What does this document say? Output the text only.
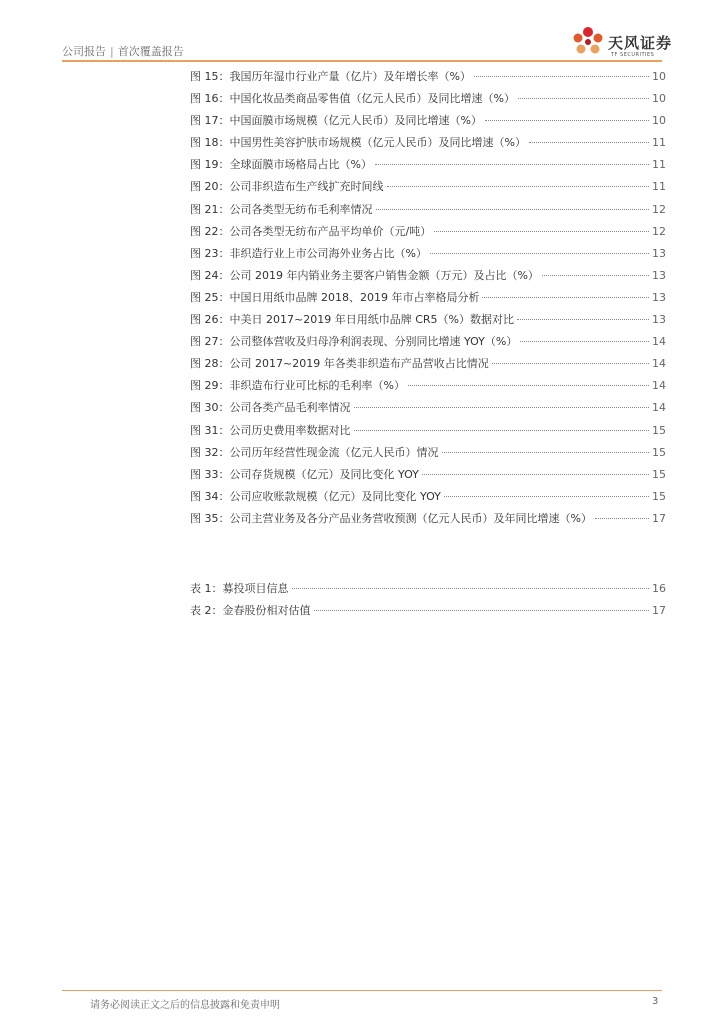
公司报告 | 首次覆盖报告	天风证券
TF SECURITIES
图 15：我国历年湿巾行业产量（亿片）及年增长率（%）	10
图 16：中国化妆品类商品零售值（亿元人民币）及同比增速（%）	10
图 17：中国面膜市场规模（亿元人民币）及同比增速（%）	10
图 18：中国男性美容护肤市场规模（亿元人民币）及同比增速（%）	11
图 19：全球面膜市场格局占比（%）	11
图 20：公司非织造布生产线扩充时间线	11
图 21：公司各类型无纺布毛利率情况	12
图 22：公司各类型无纺布产品平均单价（元/吨）	12
图 23：非织造行业上市公司海外业务占比（%）	13
图 24：公司 2019 年内销业务主要客户销售金额（万元）及占比（%）	13
图 25：中国日用纸巾品牌 2018、2019 年市占率格局分析	13
图 26：中美日 2017~2019 年日用纸巾品牌 CR5（%）数据对比	13
图 27：公司整体营收及归母净利润表现、分别同比增速 YOY（%）	14
图 28：公司 2017~2019 年各类非织造布产品营收占比情况	14
图 29：非织造布行业可比标的毛利率（%）	14
图 30：公司各类产品毛利率情况	14
图 31：公司历史费用率数据对比	15
图 32：公司历年经营性现金流（亿元人民币）情况	15
图 33：公司存货规模（亿元）及同比变化 YOY	15
图 34：公司应收账款规模（亿元）及同比变化 YOY	15
图 35：公司主营业务及各分产品业务营收预测（亿元人民币）及年同比增速（%）	17
表 1：募投项目信息	16
表 2：金春股份相对估值	17
请务必阅读正文之后的信息披露和免责申明	3
